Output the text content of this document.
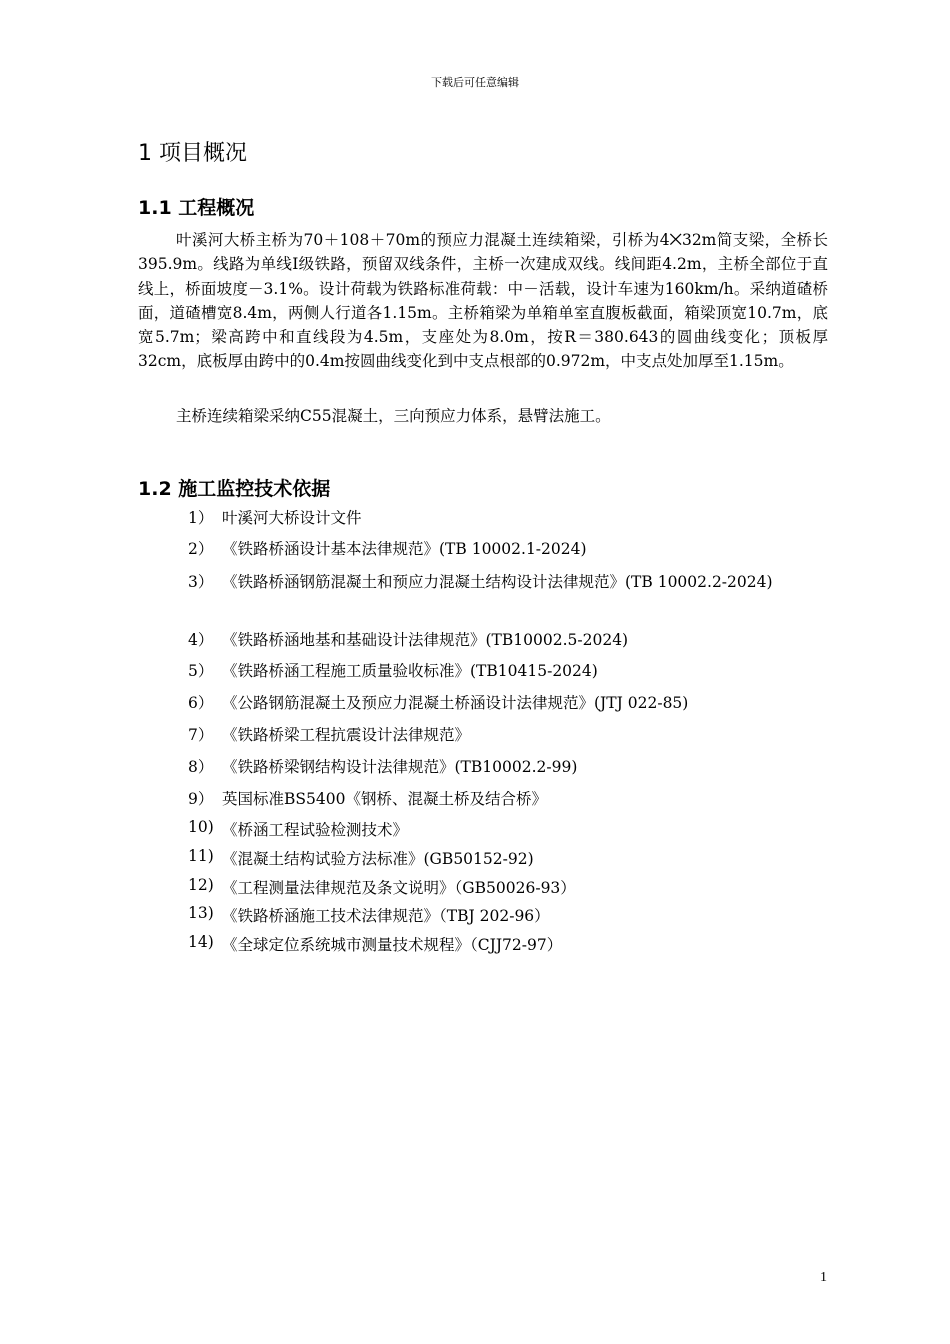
下载后可任意编辑
1 项目概况
1.1 工程概况

叶溪河大桥主桥为70＋108＋70m的预应力混凝土连续箱梁，引桥为4⨉32m简支梁，全桥长395.9m。线路为单线Ⅰ级铁路，预留双线条件，主桥一次建成双线。线间距4.2m，主桥全部位于直线上，桥面坡度－3.1%。设计荷载为铁路标准荷载：中－活载，设计车速为160km/h。采纳道碴桥面，道碴槽宽8.4m，两侧人行道各1.15m。主桥箱梁为单箱单室直腹板截面，箱梁顶宽10.7m，底宽5.7m；梁高跨中和直线段为4.5m，支座处为8.0m，按R＝380.643的圆曲线变化；顶板厚32cm，底板厚由跨中的0.4m按圆曲线变化到中支点根部的0.972m，中支点处加厚至1.15m。

主桥连续箱梁采纳C55混凝土，三向预应力体系，悬臂法施工。

1.2 施工监控技术依据
1） 叶溪河大桥设计文件
2） 《铁路桥涵设计基本法律规范》(TB 10002.1-2024)
3） 《铁路桥涵钢筋混凝土和预应力混凝土结构设计法律规范》(TB 10002.2-2024)
4） 《铁路桥涵地基和基础设计法律规范》(TB10002.5-2024)
5） 《铁路桥涵工程施工质量验收标准》(TB10415-2024)
6） 《公路钢筋混凝土及预应力混凝土桥涵设计法律规范》(JTJ 022-85)
7） 《铁路桥梁工程抗震设计法律规范》
8） 《铁路桥梁钢结构设计法律规范》(TB10002.2-99)
9） 英国标准BS5400《钢桥、混凝土桥及结合桥》
10) 《桥涵工程试验检测技术》
11) 《混凝土结构试验方法标准》(GB50152-92)
12) 《工程测量法律规范及条文说明》（GB50026-93）
13) 《铁路桥涵施工技术法律规范》（TBJ 202-96）
14) 《全球定位系统城市测量技术规程》（CJJ72-97）
1
